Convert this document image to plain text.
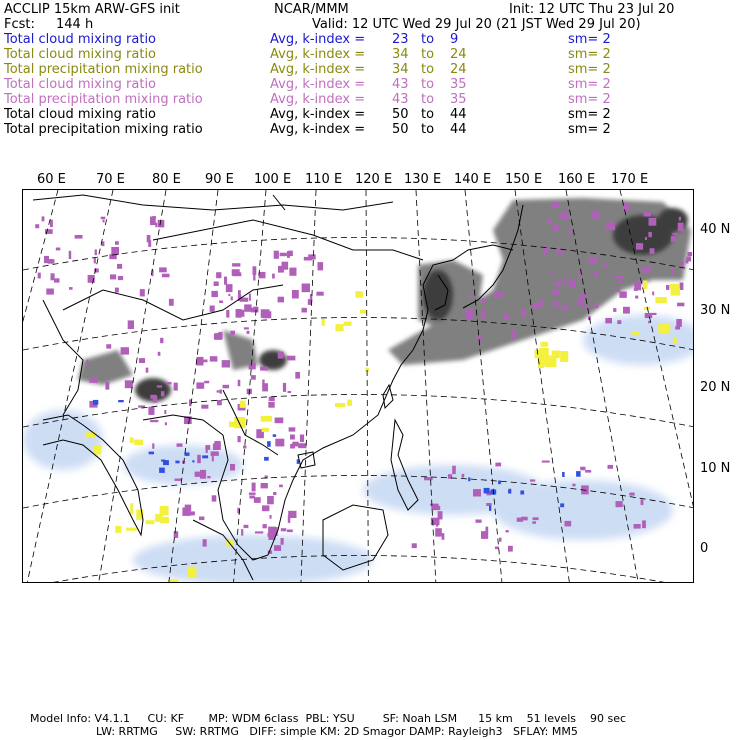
ACCLIP 15km ARW-GFS init	NCAR/MMM	Init: 12 UTC Thu 23 Jul 20
Fcst: 144 h	Valid: 12 UTC Wed 29 Jul 20 (21 JST Wed 29 Jul 20)
Total cloud mixing ratio	Avg, k-index = 23 to 9	sm= 2
Total cloud mixing ratio	Avg, k-index = 34 to 24	sm= 2
Total precipitation mixing ratio	Avg, k-index = 34 to 24	sm= 2
Total cloud mixing ratio	Avg, k-index = 43 to 35	sm= 2
Total precipitation mixing ratio	Avg, k-index = 43 to 35	sm= 2
Total cloud mixing ratio	Avg, k-index = 50 to 44	sm= 2
Total precipitation mixing ratio	Avg, k-index = 50 to 44	sm= 2
60 E 70 E 80 E 90 E 100 E 110 E 120 E 130 E 140 E 150 E 160 E 170 E
40 N
30 N
20 N
10 N
0
Model Info: V4.1.1     CU: KF       MP: WDM 6class  PBL: YSU        SF: Noah LSM      15 km    51 levels    90 sec
LW: RRTMG     SW: RRTMG   DIFF: simple KM: 2D Smagor DAMP: Rayleigh3   SFLAY: MM5
